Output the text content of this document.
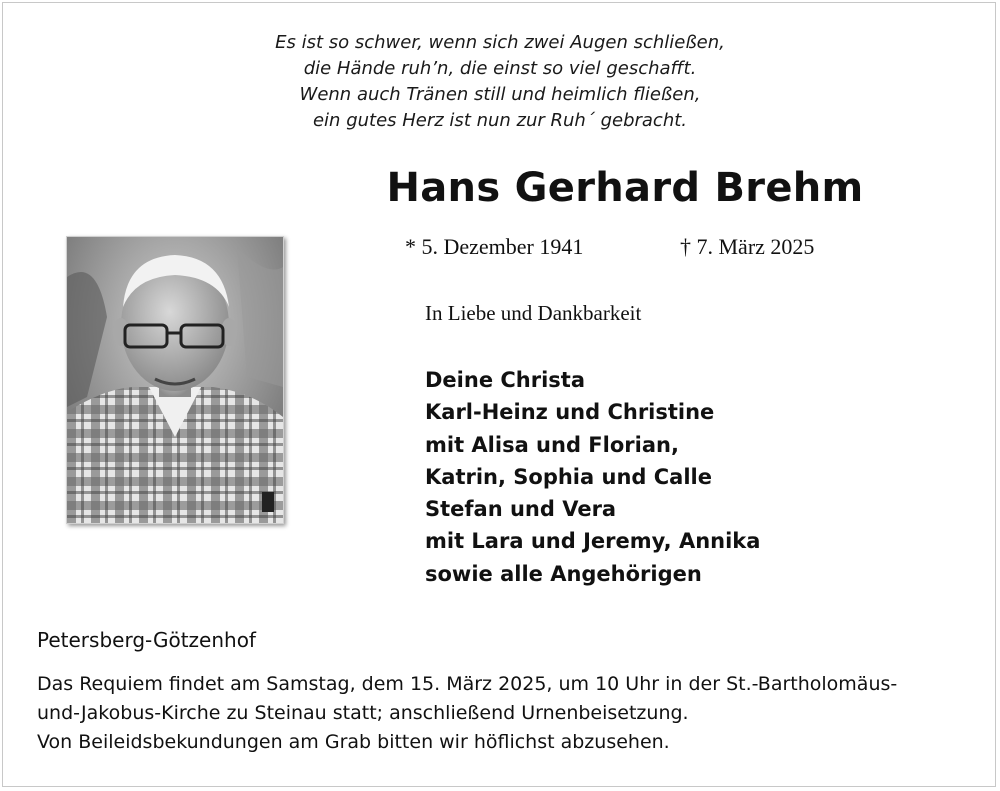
Es ist so schwer, wenn sich zwei Augen schließen,
die Hände ruh’n, die einst so viel geschafft.
Wenn auch Tränen still und heimlich fließen,
ein gutes Herz ist nun zur Ruh´ gebracht.
Hans Gerhard Brehm
* 5. Dezember 1941	† 7. März 2025
In Liebe und Dankbarkeit
Deine Christa
Karl-Heinz und Christine
mit Alisa und Florian,
Katrin, Sophia und Calle
Stefan und Vera
mit Lara und Jeremy, Annika
sowie alle Angehörigen
Petersberg-Götzenhof
Das Requiem findet am Samstag, dem 15. März 2025, um 10 Uhr in der St.-Bartholomäus-
und-Jakobus-Kirche zu Steinau statt; anschließend Urnenbeisetzung.
Von Beileidsbekundungen am Grab bitten wir höflichst abzusehen.
